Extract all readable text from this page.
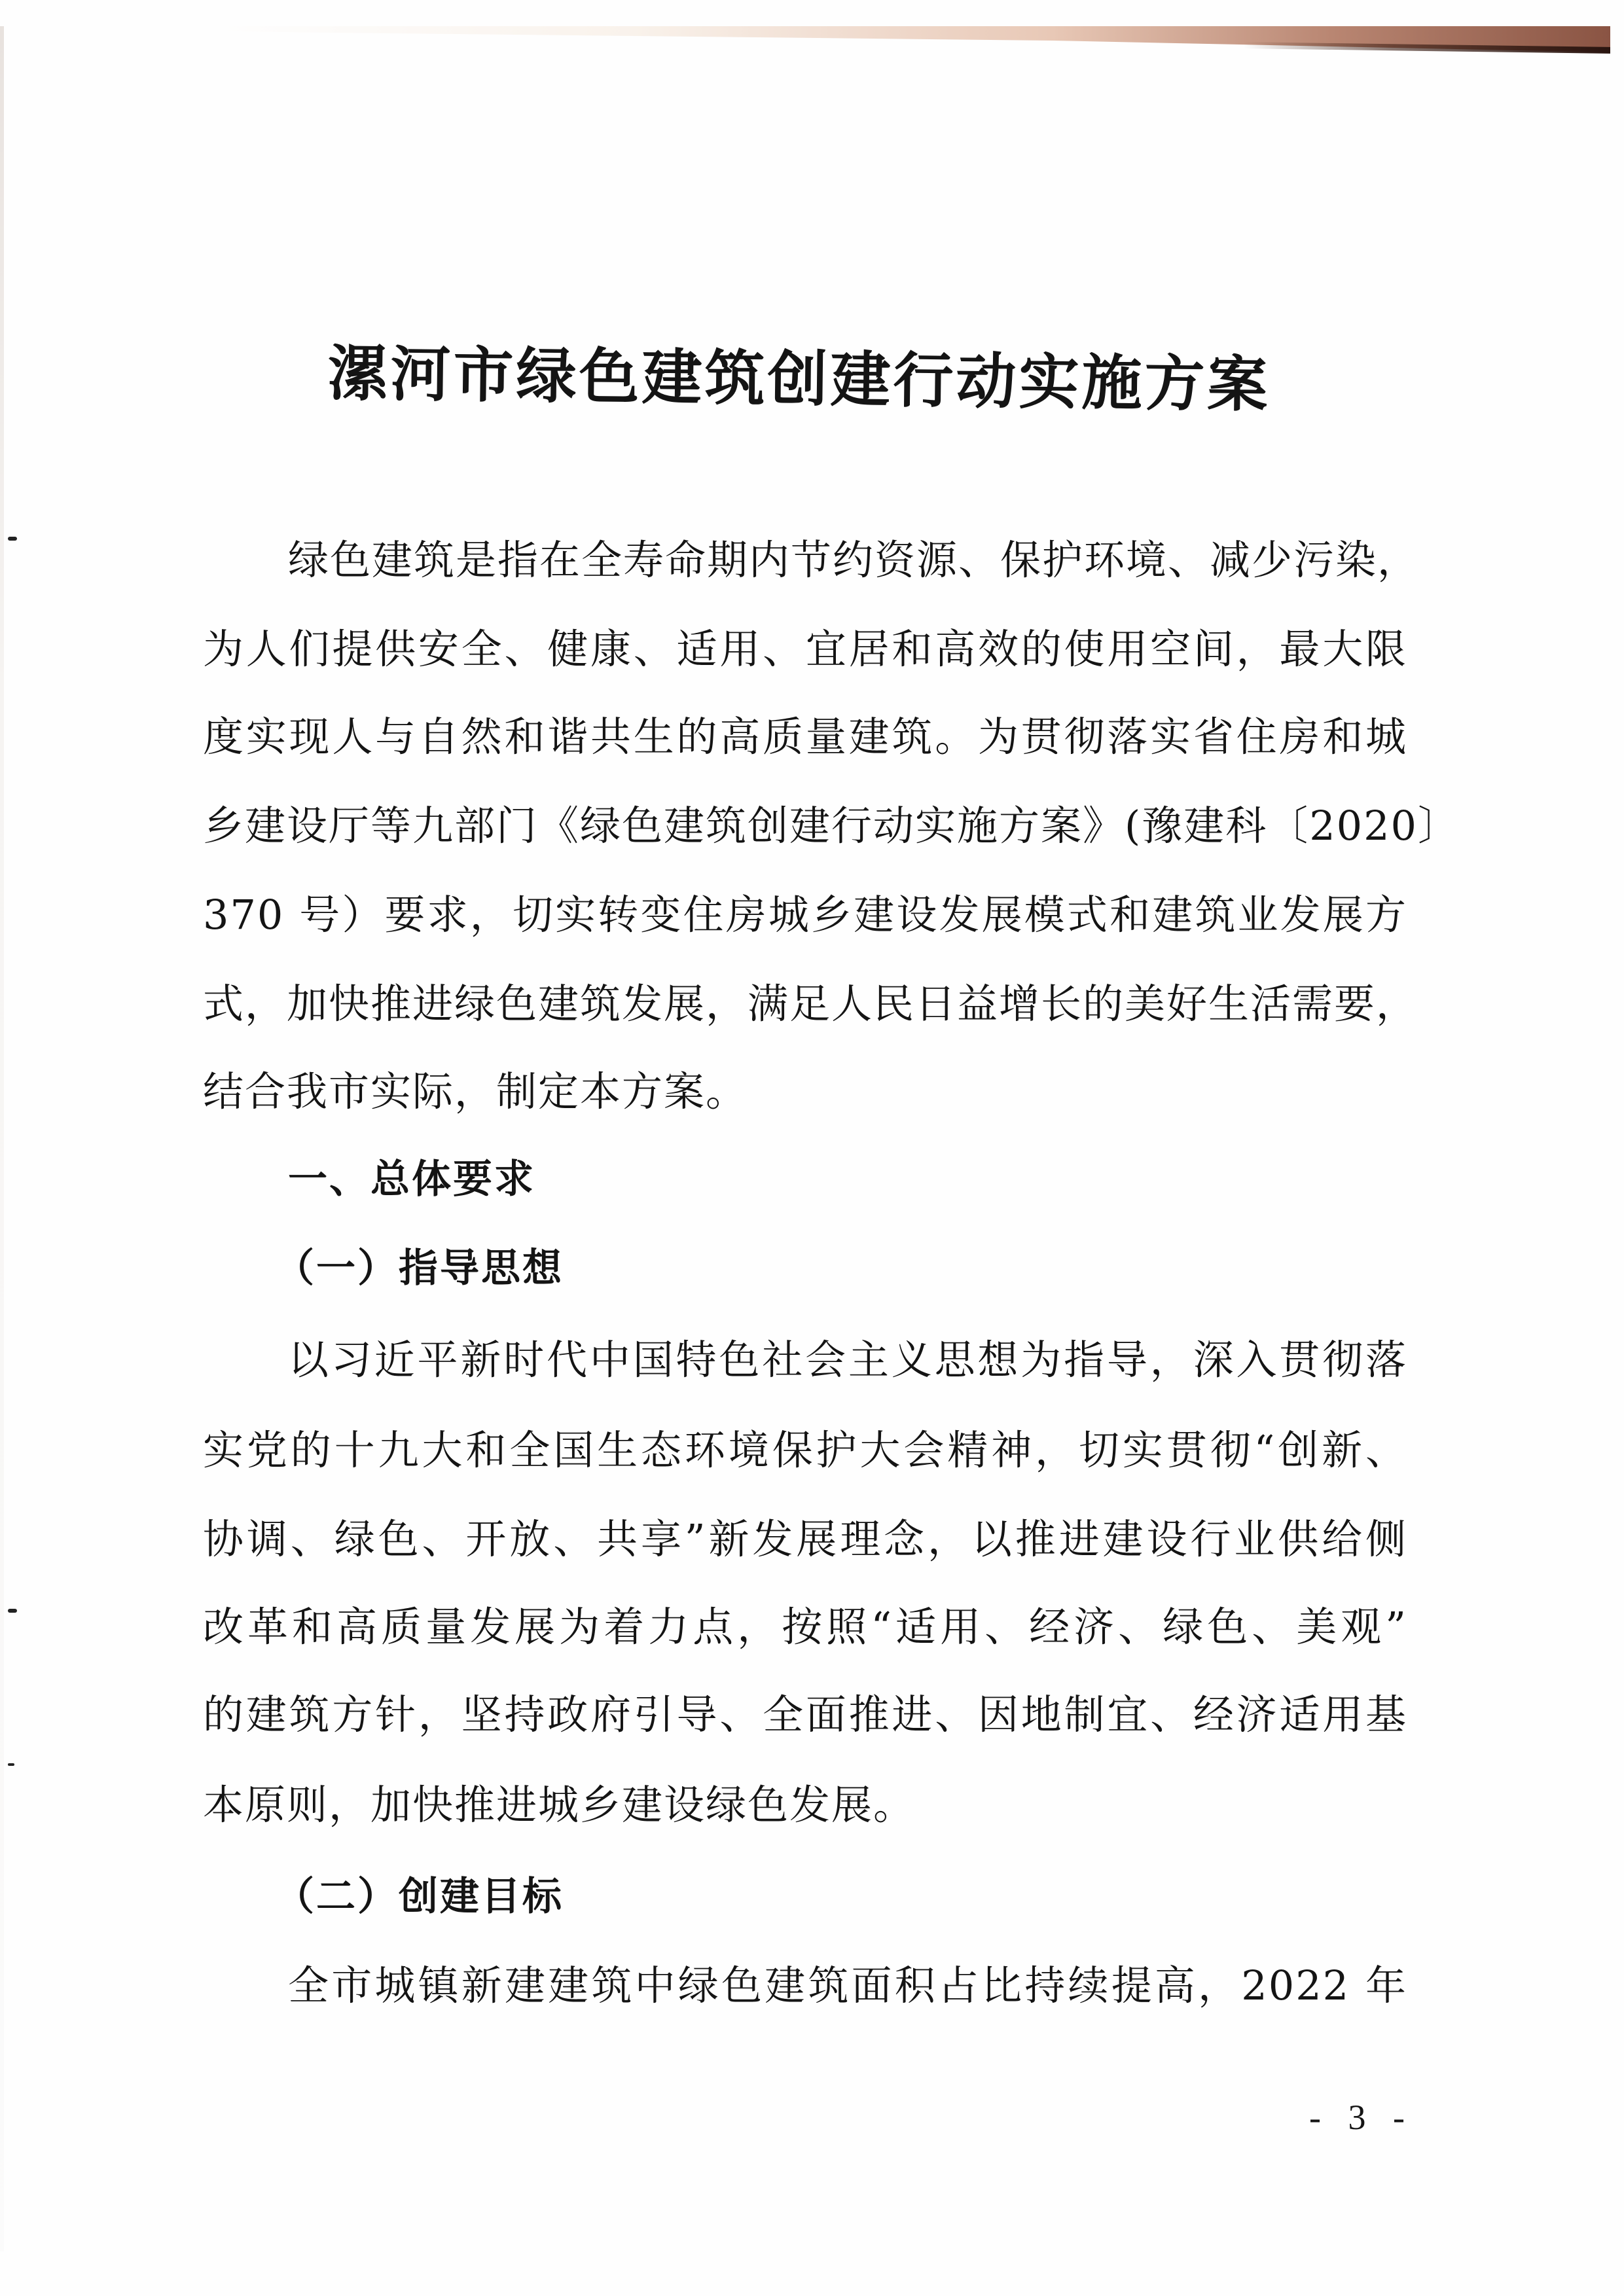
漯河市绿色建筑创建行动实施方案
绿色建筑是指在全寿命期内节约资源、保护环境、减少污染，
为人们提供安全、健康、适用、宜居和高效的使用空间，最大限
度实现人与自然和谐共生的高质量建筑。为贯彻落实省住房和城
乡建设厅等九部门《绿色建筑创建行动实施方案》(豫建科〔2020〕
370 号）要求，切实转变住房城乡建设发展模式和建筑业发展方
式，加快推进绿色建筑发展，满足人民日益增长的美好生活需要，
结合我市实际，制定本方案。
一、总体要求
（一）指导思想
以习近平新时代中国特色社会主义思想为指导，深入贯彻落
实党的十九大和全国生态环境保护大会精神，切实贯彻“创新、
协调、绿色、开放、共享”新发展理念，以推进建设行业供给侧
改革和高质量发展为着力点，按照“适用、经济、绿色、美观”
的建筑方针，坚持政府引导、全面推进、因地制宜、经济适用基
本原则，加快推进城乡建设绿色发展。
（二）创建目标
全市城镇新建建筑中绿色建筑面积占比持续提高，2022 年
- 3 -
